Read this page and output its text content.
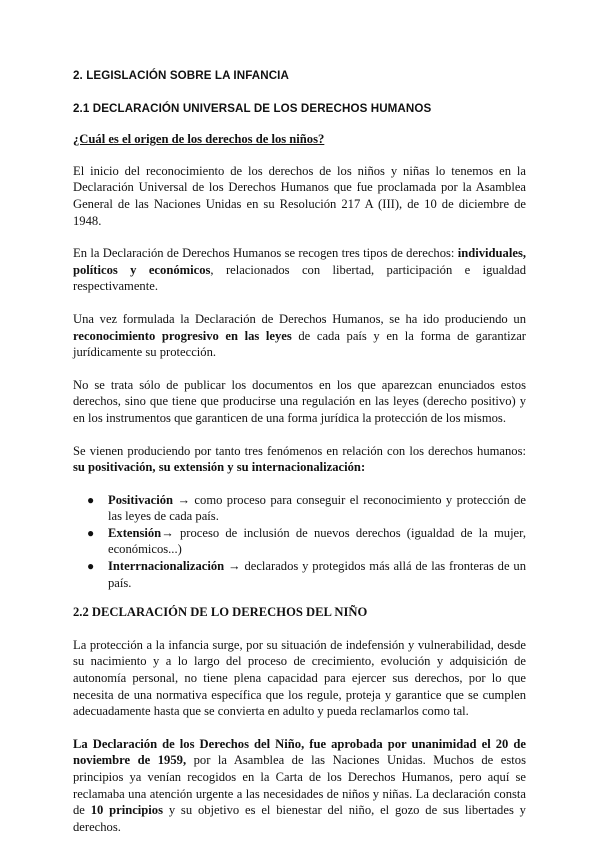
2. LEGISLACIÓN SOBRE LA INFANCIA
2.1 DECLARACIÓN UNIVERSAL DE LOS DERECHOS HUMANOS
¿Cuál es el origen de los derechos de los niños?

El inicio del reconocimiento de los derechos de los niños y niñas lo tenemos en la Declaración Universal de los Derechos Humanos que fue proclamada por la Asamblea General de las Naciones Unidas en su Resolución 217 A (III), de 10 de diciembre de 1948.

En la Declaración de Derechos Humanos se recogen tres tipos de derechos: individuales, políticos y económicos, relacionados con libertad, participación e igualdad respectivamente.

Una vez formulada la Declaración de Derechos Humanos, se ha ido produciendo un reconocimiento progresivo en las leyes de cada país y en la forma de garantizar jurídicamente su protección.

No se trata sólo de publicar los documentos en los que aparezcan enunciados estos derechos, sino que tiene que producirse una regulación en las leyes (derecho positivo) y en los instrumentos que garanticen de una forma jurídica la protección de los mismos.

Se vienen produciendo por tanto tres fenómenos en relación con los derechos humanos: su positivación, su extensión y su internacionalización:

● Positivación → como proceso para conseguir el reconocimiento y protección de las leyes de cada país.
● Extensión→ proceso de inclusión de nuevos derechos (igualdad de la mujer, económicos...)
● Interrnacionalización → declarados y protegidos más allá de las fronteras de un país.
2.2 DECLARACIÓN DE LO DERECHOS DEL NIÑO

La protección a la infancia surge, por su situación de indefensión y vulnerabilidad, desde su nacimiento y a lo largo del proceso de crecimiento, evolución y adquisición de autonomía personal, no tiene plena capacidad para ejercer sus derechos, por lo que necesita de una normativa específica que los regule, proteja y garantice que se cumplen adecuadamente hasta que se convierta en adulto y pueda reclamarlos como tal.

La Declaración de los Derechos del Niño, fue aprobada por unanimidad el 20 de noviembre de 1959, por la Asamblea de las Naciones Unidas. Muchos de estos principios ya venían recogidos en la Carta de los Derechos Humanos, pero aquí se reclamaba una atención urgente a las necesidades de niños y niñas. La declaración consta de 10 principios y su objetivo es el bienestar del niño, el gozo de sus libertades y derechos.
